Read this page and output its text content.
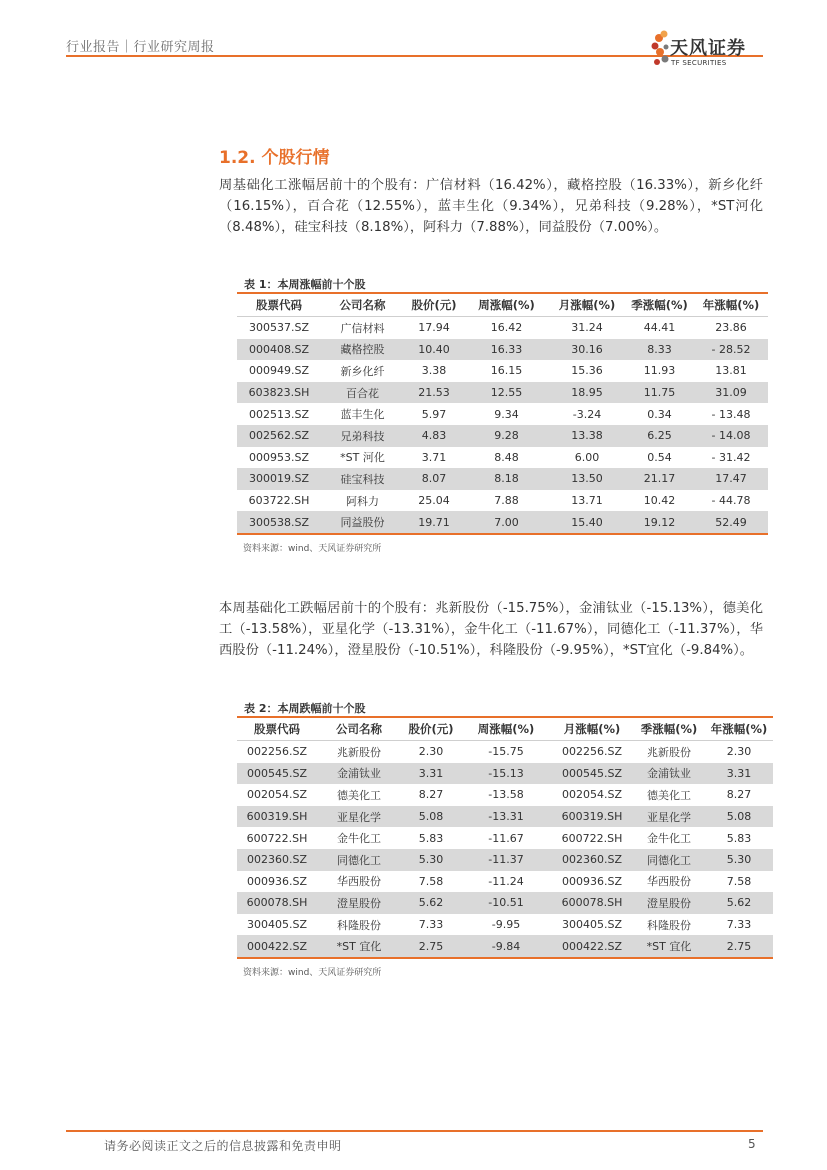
行业报告｜行业研究周报	天风证券
TF SECURITIES
1.2. 个股行情

周基础化工涨幅居前十的个股有：广信材料（16.42%），藏格控股（16.33%），新乡化纤（16.15%），百合花（12.55%），蓝丰生化（9.34%），兄弟科技（9.28%），*ST河化（8.48%），硅宝科技（8.18%），阿科力（7.88%），同益股份（7.00%）。

表 1：本周涨幅前十个股
股票代码	公司名称	股价(元)	周涨幅(%)	月涨幅(%)	季涨幅(%)	年涨幅(%)
300537.SZ	广信材料	17.94	16.42	31.24	44.41	23.86
000408.SZ	藏格控股	10.40	16.33	30.16	8.33	- 28.52
000949.SZ	新乡化纤	3.38	16.15	15.36	11.93	13.81
603823.SH	百合花	21.53	12.55	18.95	11.75	31.09
002513.SZ	蓝丰生化	5.97	9.34	-3.24	0.34	- 13.48
002562.SZ	兄弟科技	4.83	9.28	13.38	6.25	- 14.08
000953.SZ	*ST 河化	3.71	8.48	6.00	0.54	- 31.42
300019.SZ	硅宝科技	8.07	8.18	13.50	21.17	17.47
603722.SH	阿科力	25.04	7.88	13.71	10.42	- 44.78
300538.SZ	同益股份	19.71	7.00	15.40	19.12	52.49
资料来源：wind、天风证券研究所

本周基础化工跌幅居前十的个股有：兆新股份（-15.75%），金浦钛业（-15.13%），德美化工（-13.58%），亚星化学（-13.31%），金牛化工（-11.67%），同德化工（-11.37%），华西股份（-11.24%），澄星股份（-10.51%），科隆股份（-9.95%），*ST宜化（-9.84%）。

表 2：本周跌幅前十个股
股票代码	公司名称	股价(元)	周涨幅(%)	月涨幅(%)	季涨幅(%)	年涨幅(%)
002256.SZ	兆新股份	2.30	-15.75	002256.SZ	兆新股份	2.30
000545.SZ	金浦钛业	3.31	-15.13	000545.SZ	金浦钛业	3.31
002054.SZ	德美化工	8.27	-13.58	002054.SZ	德美化工	8.27
600319.SH	亚星化学	5.08	-13.31	600319.SH	亚星化学	5.08
600722.SH	金牛化工	5.83	-11.67	600722.SH	金牛化工	5.83
002360.SZ	同德化工	5.30	-11.37	002360.SZ	同德化工	5.30
000936.SZ	华西股份	7.58	-11.24	000936.SZ	华西股份	7.58
600078.SH	澄星股份	5.62	-10.51	600078.SH	澄星股份	5.62
300405.SZ	科隆股份	7.33	-9.95	300405.SZ	科隆股份	7.33
000422.SZ	*ST 宜化	2.75	-9.84	000422.SZ	*ST 宜化	2.75
资料来源：wind、天风证券研究所
请务必阅读正文之后的信息披露和免责申明	5
